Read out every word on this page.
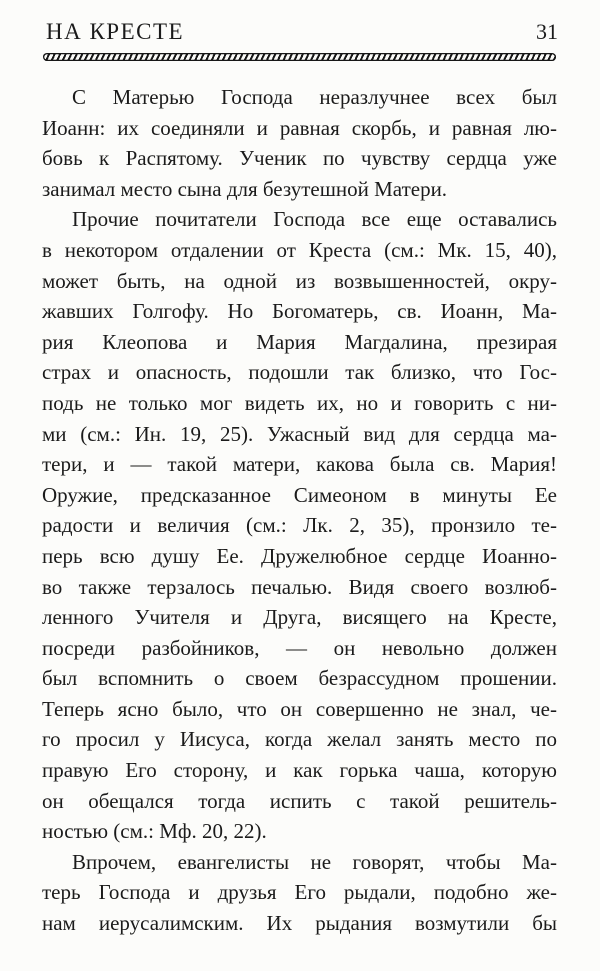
НА КРЕСТЕ	31
С Матерью Господа неразлучнее всех был
Иоанн: их соединяли и равная скорбь, и равная лю-
бовь к Распятому. Ученик по чувству сердца уже
занимал место сына для безутешной Матери.
Прочие почитатели Господа все еще оставались
в некотором отдалении от Креста (см.: Мк. 15, 40),
может быть, на одной из возвышенностей, окру-
жавших Голгофу. Но Богоматерь, св. Иоанн, Ма-
рия Клеопова и Мария Магдалина, презирая
страх и опасность, подошли так близко, что Гос-
подь не только мог видеть их, но и говорить с ни-
ми (см.: Ин. 19, 25). Ужасный вид для сердца ма-
тери, и — такой матери, какова была св. Мария!
Оружие, предсказанное Симеоном в минуты Ее
радости и величия (см.: Лк. 2, 35), пронзило те-
перь всю душу Ее. Дружелюбное сердце Иоанно-
во также терзалось печалью. Видя своего возлюб-
ленного Учителя и Друга, висящего на Кресте,
посреди разбойников, — он невольно должен
был вспомнить о своем безрассудном прошении.
Теперь ясно было, что он совершенно не знал, че-
го просил у Иисуса, когда желал занять место по
правую Его сторону, и как горька чаша, которую
он обещался тогда испить с такой решитель-
ностью (см.: Мф. 20, 22).
Впрочем, евангелисты не говорят, чтобы Ма-
терь Господа и друзья Его рыдали, подобно же-
нам иерусалимским. Их рыдания возмутили бы
